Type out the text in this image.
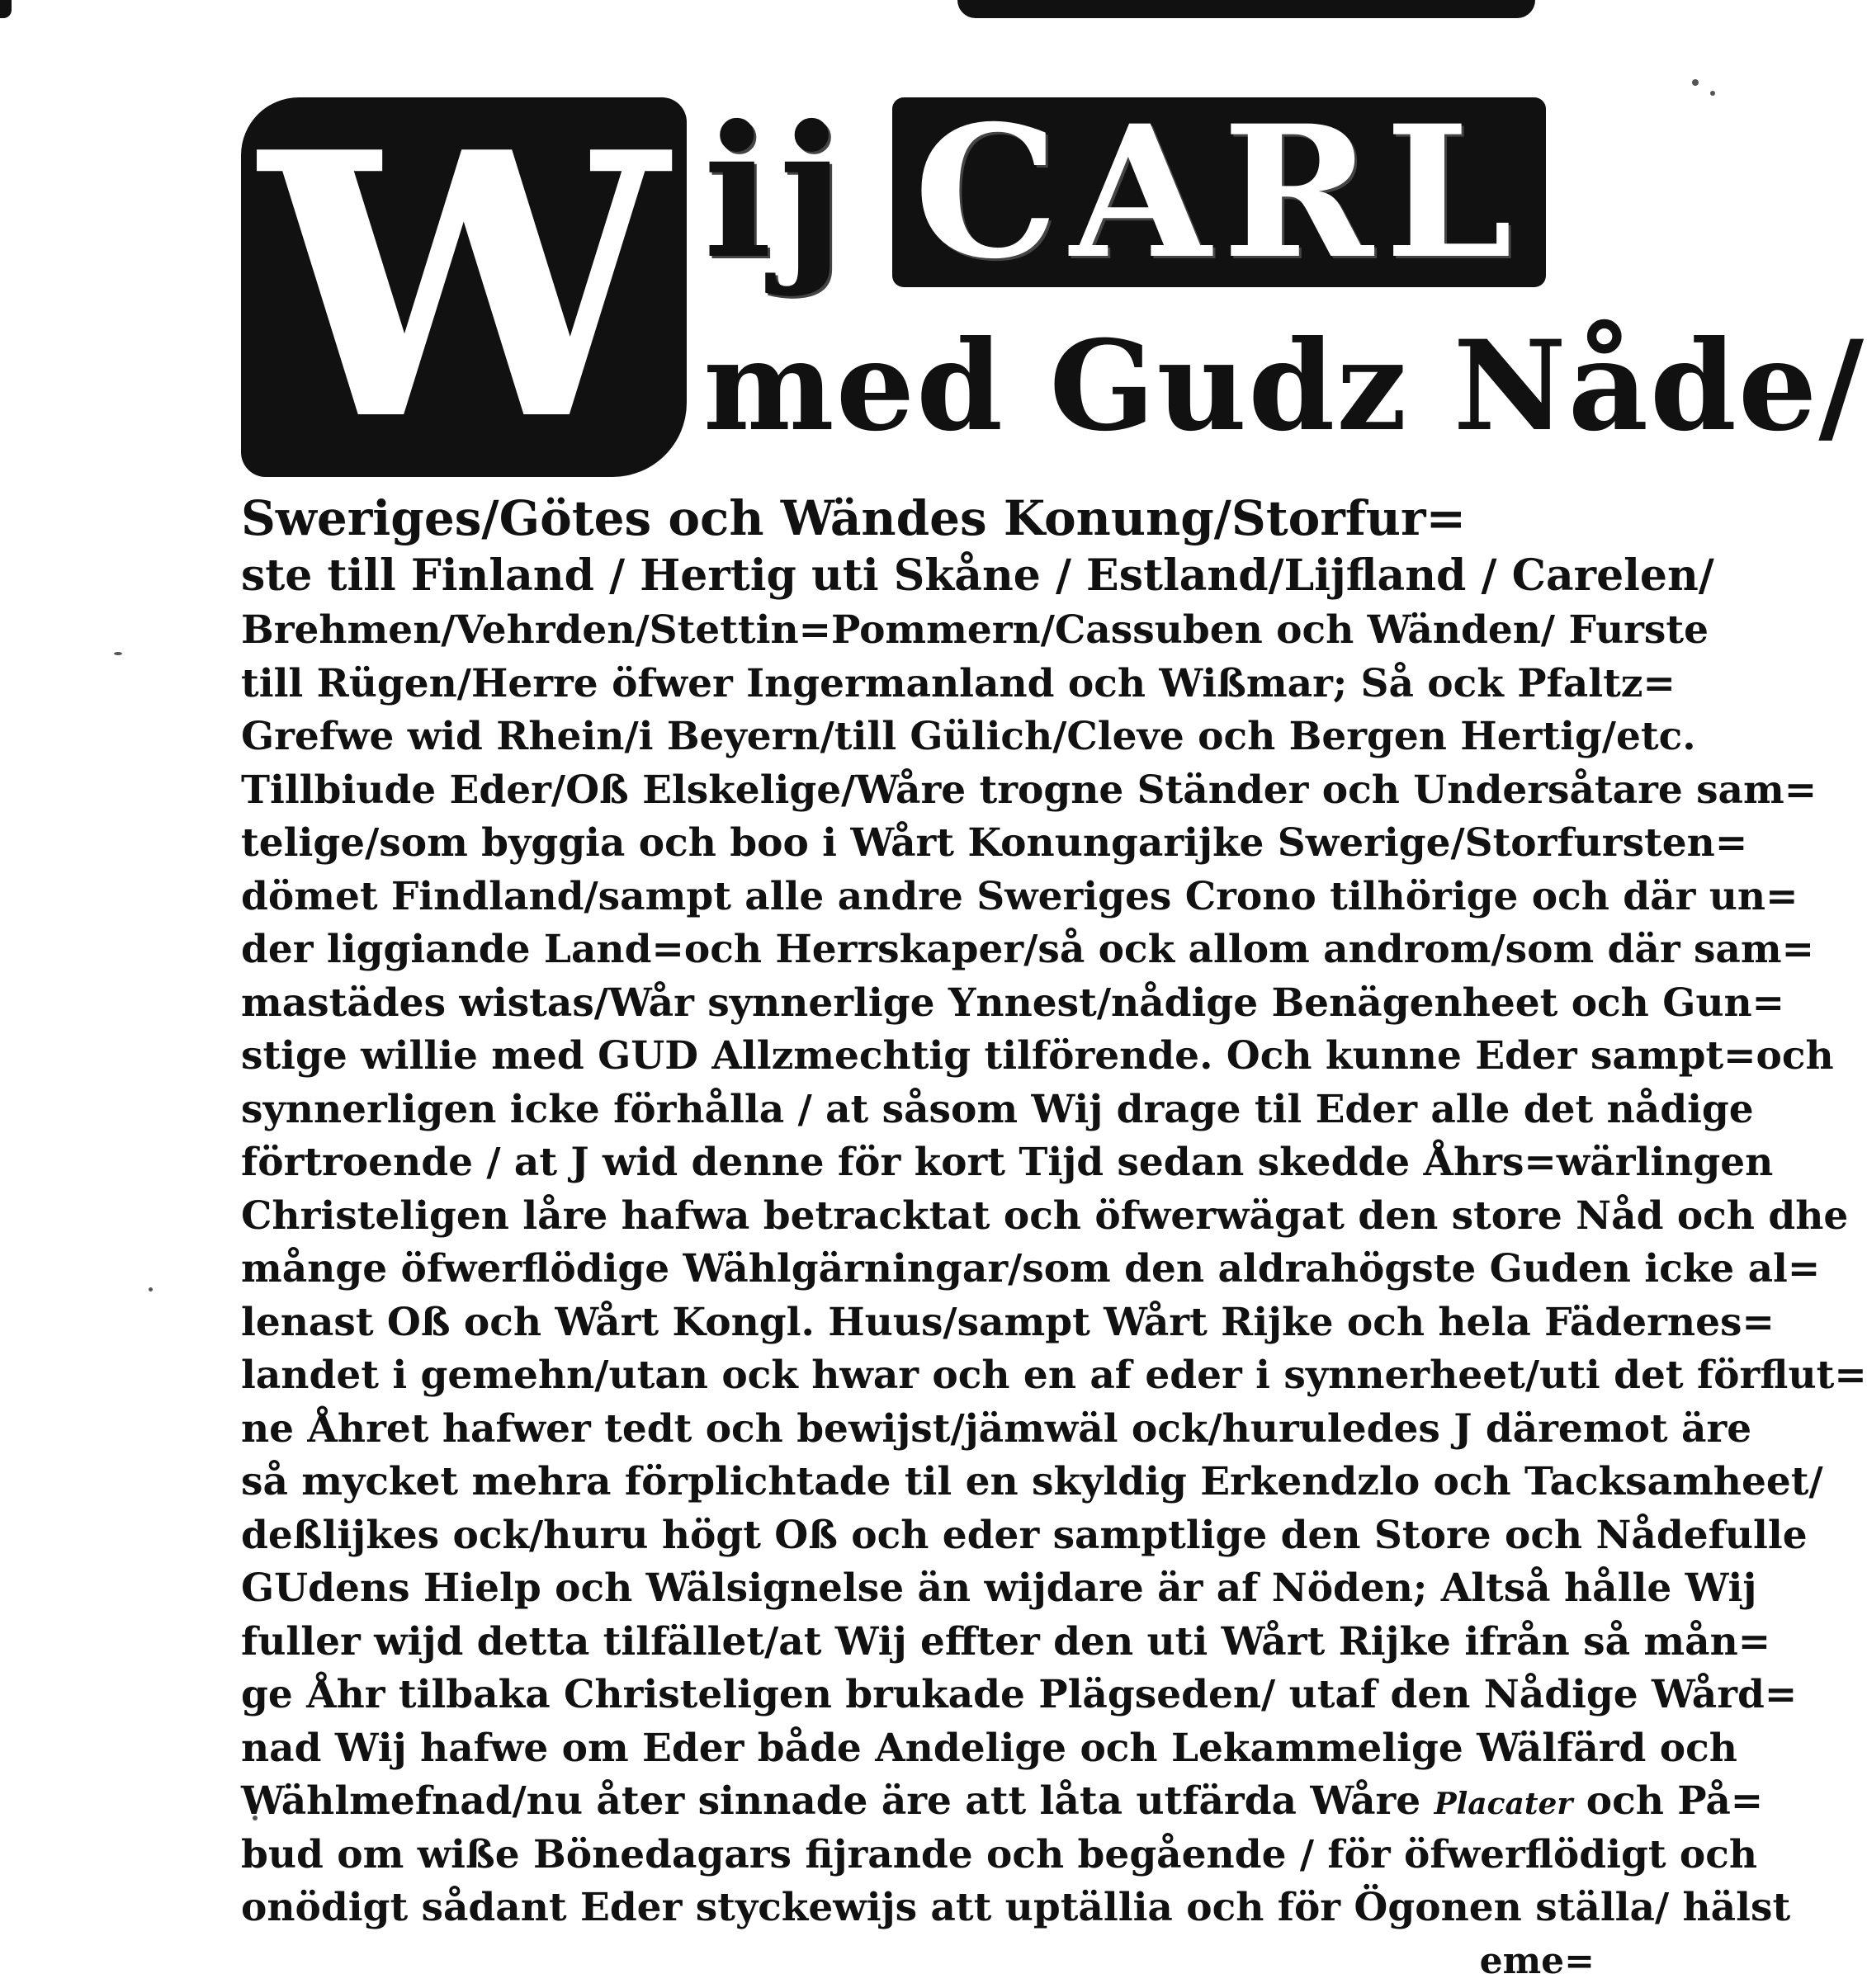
W ij CARL
med Gudz Nåde/
Sweriges/Götes och Wändes Konung/Storfur=
ste till Finland / Hertig uti Skåne / Estland/Lijfland / Carelen/
Brehmen/Vehrden/Stettin=Pommern/Cassuben och Wänden/ Furste
till Rügen/Herre öfwer Ingermanland och Wißmar; Så ock Pfaltz=
Grefwe wid Rhein/i Beyern/till Gülich/Cleve och Bergen Hertig/etc.
Tillbiude Eder/Oß Elskelige/Wåre trogne Ständer och Undersåtare sam=
telige/som byggia och boo i Wårt Konungarijke Swerige/Storfursten=
dömet Findland/sampt alle andre Sweriges Crono tilhörige och där un=
der liggiande Land=och Herrskaper/så ock allom androm/som där sam=
mastädes wistas/Wår synnerlige Ynnest/nådige Benägenheet och Gun=
stige willie med GUD Allzmechtig tilförende. Och kunne Eder sampt=och
synnerligen icke förhålla / at såsom Wij drage til Eder alle det nådige
förtroende / at J wid denne för kort Tijd sedan skedde Åhrs=wärlingen
Christeligen låre hafwa betracktat och öfwerwägat den store Nåd och dhe
månge öfwerflödige Wählgärningar/som den aldrahögste Guden icke al=
lenast Oß och Wårt Kongl. Huus/sampt Wårt Rijke och hela Fädernes=
landet i gemehn/utan ock hwar och en af eder i synnerheet/uti det förflut=
ne Åhret hafwer tedt och bewijst/jämwäl ock/huruledes J däremot äre
så mycket mehra förplichtade til en skyldig Erkendzlo och Tacksamheet/
deßlijkes ock/huru högt Oß och eder samptlige den Store och Nådefulle
GUdens Hielp och Wälsignelse än wijdare är af Nöden; Altså hålle Wij
fuller wijd detta tilfället/at Wij effter den uti Wårt Rijke ifrån så mån=
ge Åhr tilbaka Christeligen brukade Plägseden/ utaf den Nådige Wård=
nad Wij hafwe om Eder både Andelige och Lekammelige Wälfärd och
Wählmefnad/nu åter sinnade äre att låta utfärda Wåre Placater och På=
bud om wiße Bönedagars fijrande och begående / för öfwerflödigt och
onödigt sådant Eder styckewijs att uptällia och för Ögonen ställa/ hälst
eme=
